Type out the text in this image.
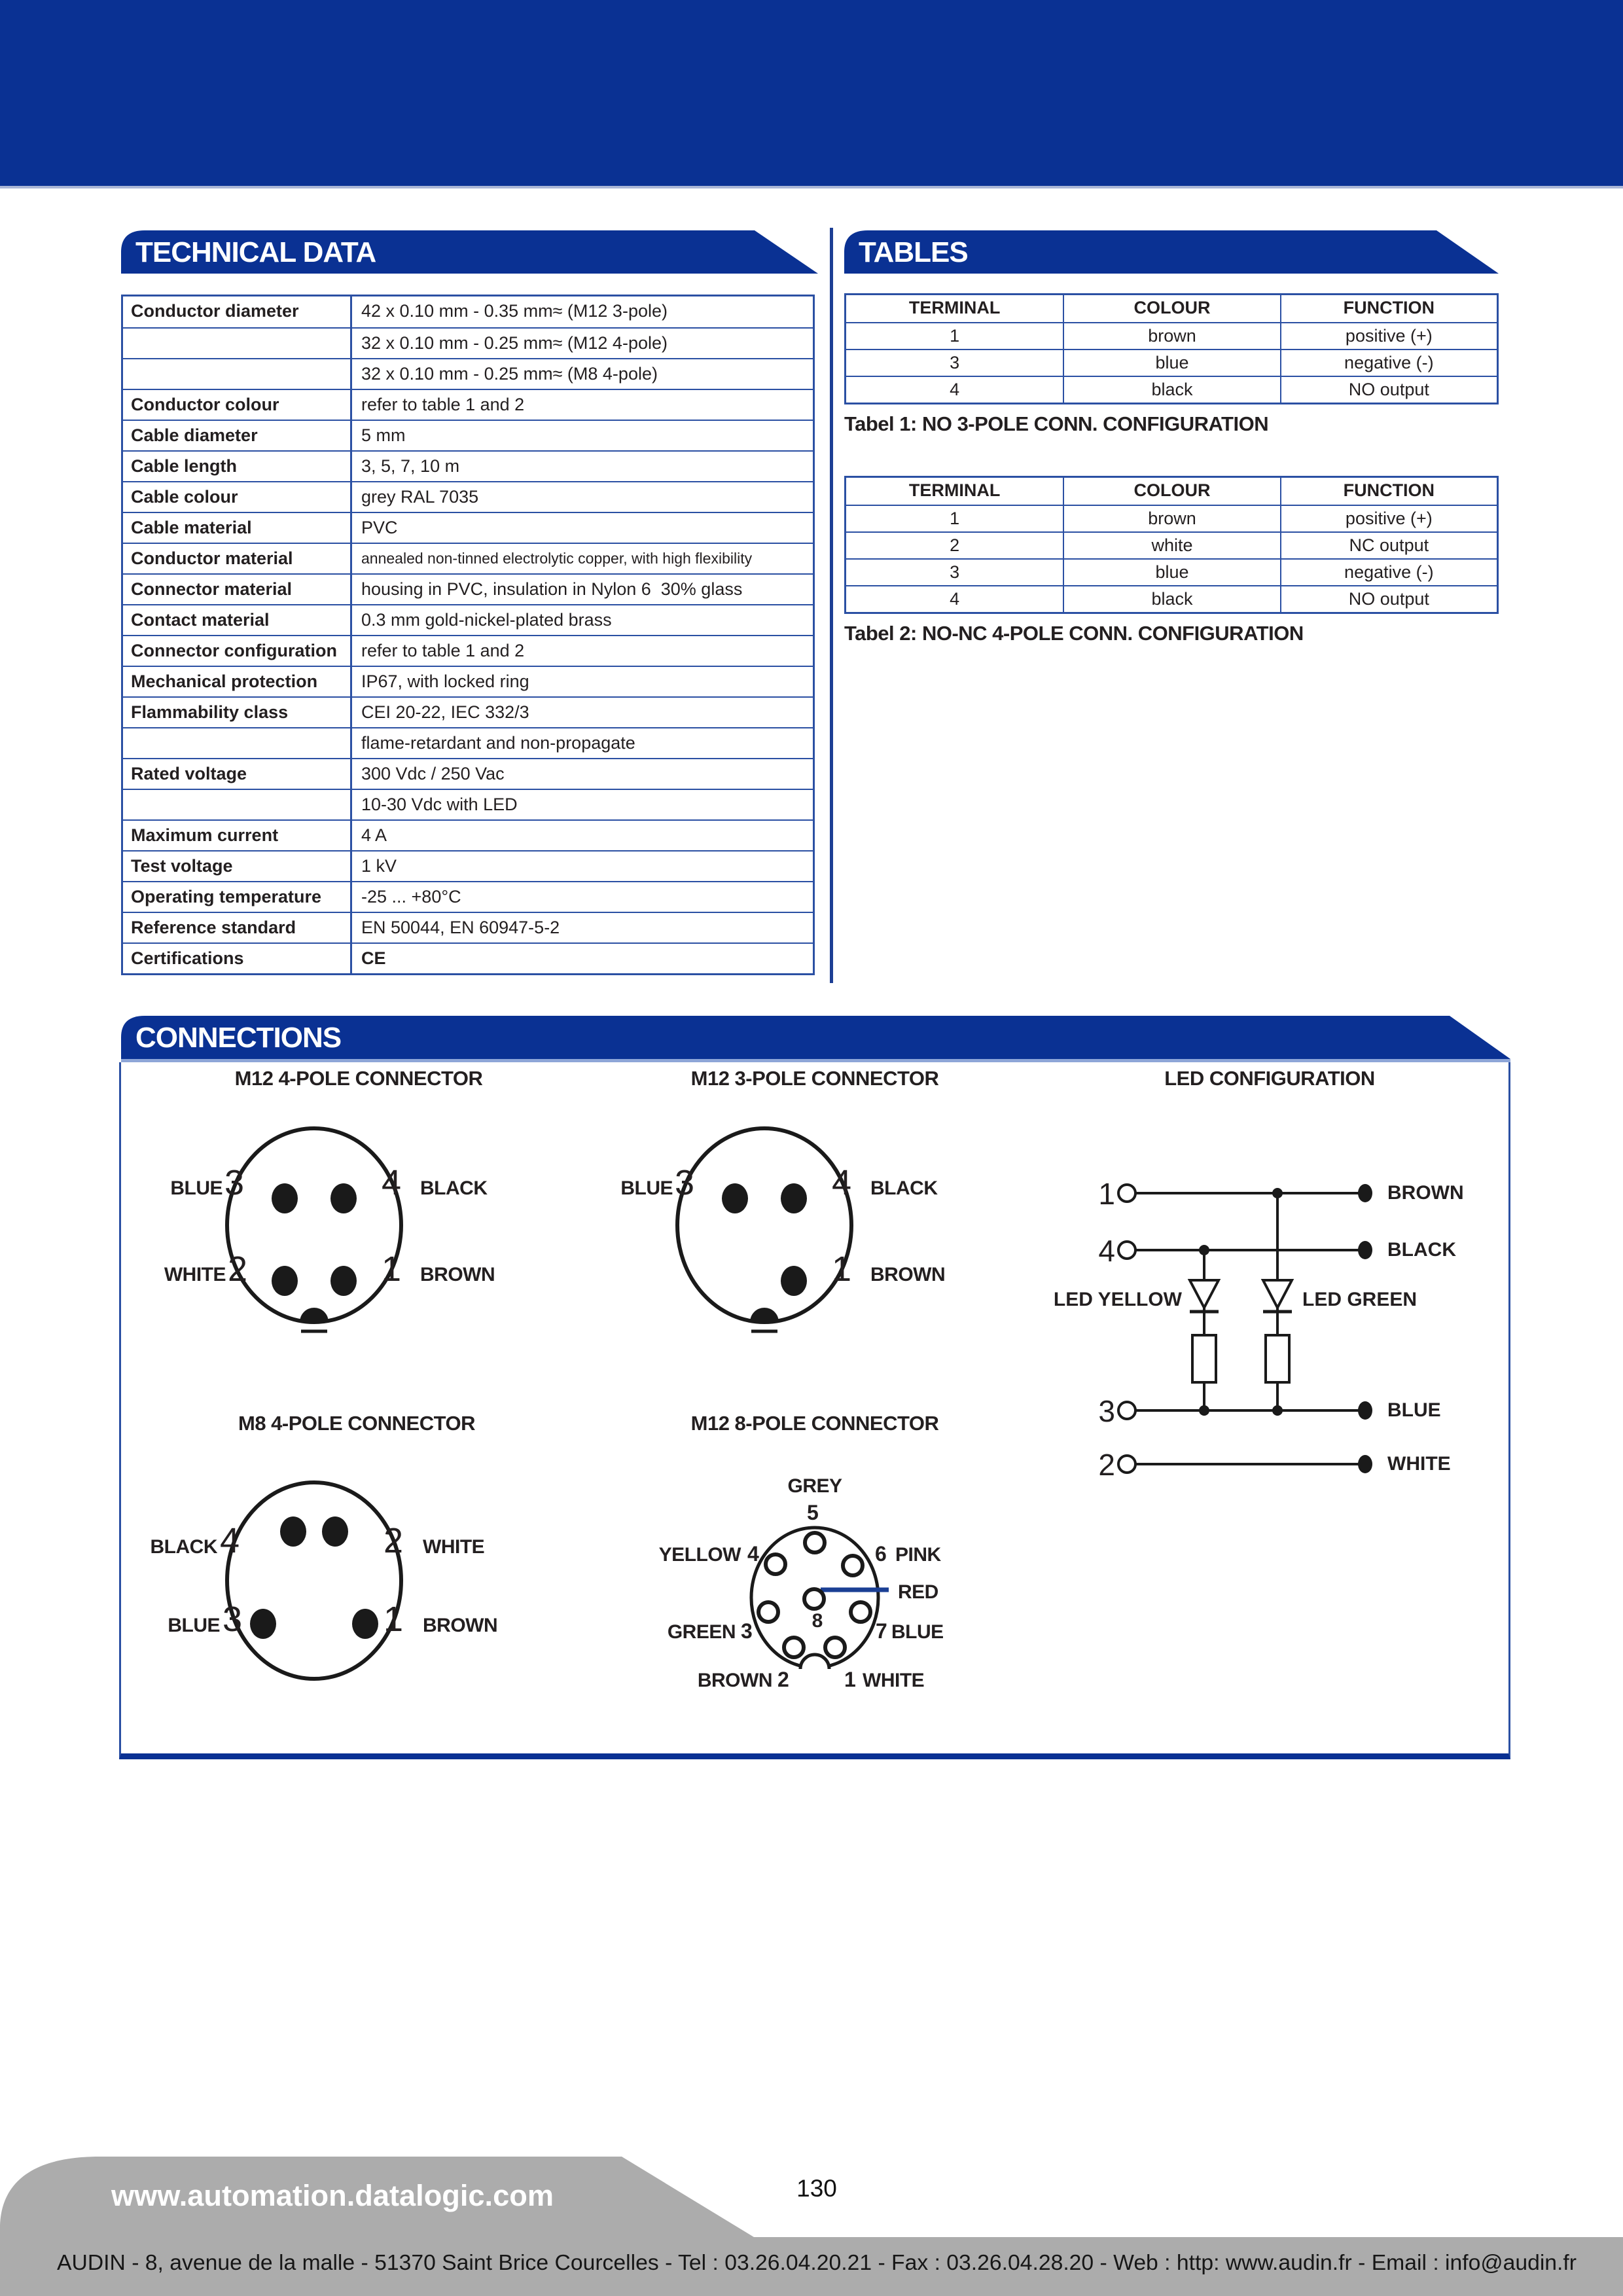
TECHNICAL DATA
Conductor diameter	42 x 0.10 mm - 0.35 mm≈ (M12 3-pole)
32 x 0.10 mm - 0.25 mm≈ (M12 4-pole)
32 x 0.10 mm - 0.25 mm≈ (M8 4-pole)
Conductor colour	refer to table 1 and 2
Cable diameter	5 mm
Cable length	3, 5, 7, 10 m
Cable colour	grey RAL 7035
Cable material	PVC
Conductor material	annealed non-tinned electrolytic copper, with high flexibility
Connector material	housing in PVC, insulation in Nylon 6  30% glass
Contact material	0.3 mm gold-nickel-plated brass
Connector configuration	refer to table 1 and 2
Mechanical protection	IP67, with locked ring
Flammability class	CEI 20-22, IEC 332/3
flame-retardant and non-propagate
Rated voltage	300 Vdc / 250 Vac
10-30 Vdc with LED
Maximum current	4 A
Test voltage	1 kV
Operating temperature	-25 ... +80°C
Reference standard	EN 50044, EN 60947-5-2
Certifications	CE
TABLES
TERMINAL	COLOUR	FUNCTION
1	brown	positive (+)
3	blue	negative (-)
4	black	NO output
Tabel 1: NO 3-POLE CONN. CONFIGURATION
TERMINAL	COLOUR	FUNCTION
1	brown	positive (+)
2	white	NC output
3	blue	negative (-)
4	black	NO output
Tabel 2: NO-NC 4-POLE CONN. CONFIGURATION
CONNECTIONS
M12 4-POLE CONNECTOR	M12 3-POLE CONNECTOR	LED CONFIGURATION
M8 4-POLE CONNECTOR	M12 8-POLE CONNECTOR
BLUE 3	4 BLACK
WHITE 2	1 BROWN
BLUE 3	4 BLACK
1 BROWN
1
4
3
2
BROWN
BLACK
BLUE
WHITE
LED YELLOW	LED GREEN
BLACK 4	2 WHITE
BLUE 3	1 BROWN
GREY
5
YELLOW 4	6 PINK
RED
GREEN 3	7 BLUE
8
BROWN 2	1 WHITE
www.automation.datalogic.com	130
AUDIN - 8, avenue de la malle - 51370 Saint Brice Courcelles - Tel : 03.26.04.20.21 - Fax : 03.26.04.28.20 - Web : http: www.audin.fr - Email : info@audin.fr
